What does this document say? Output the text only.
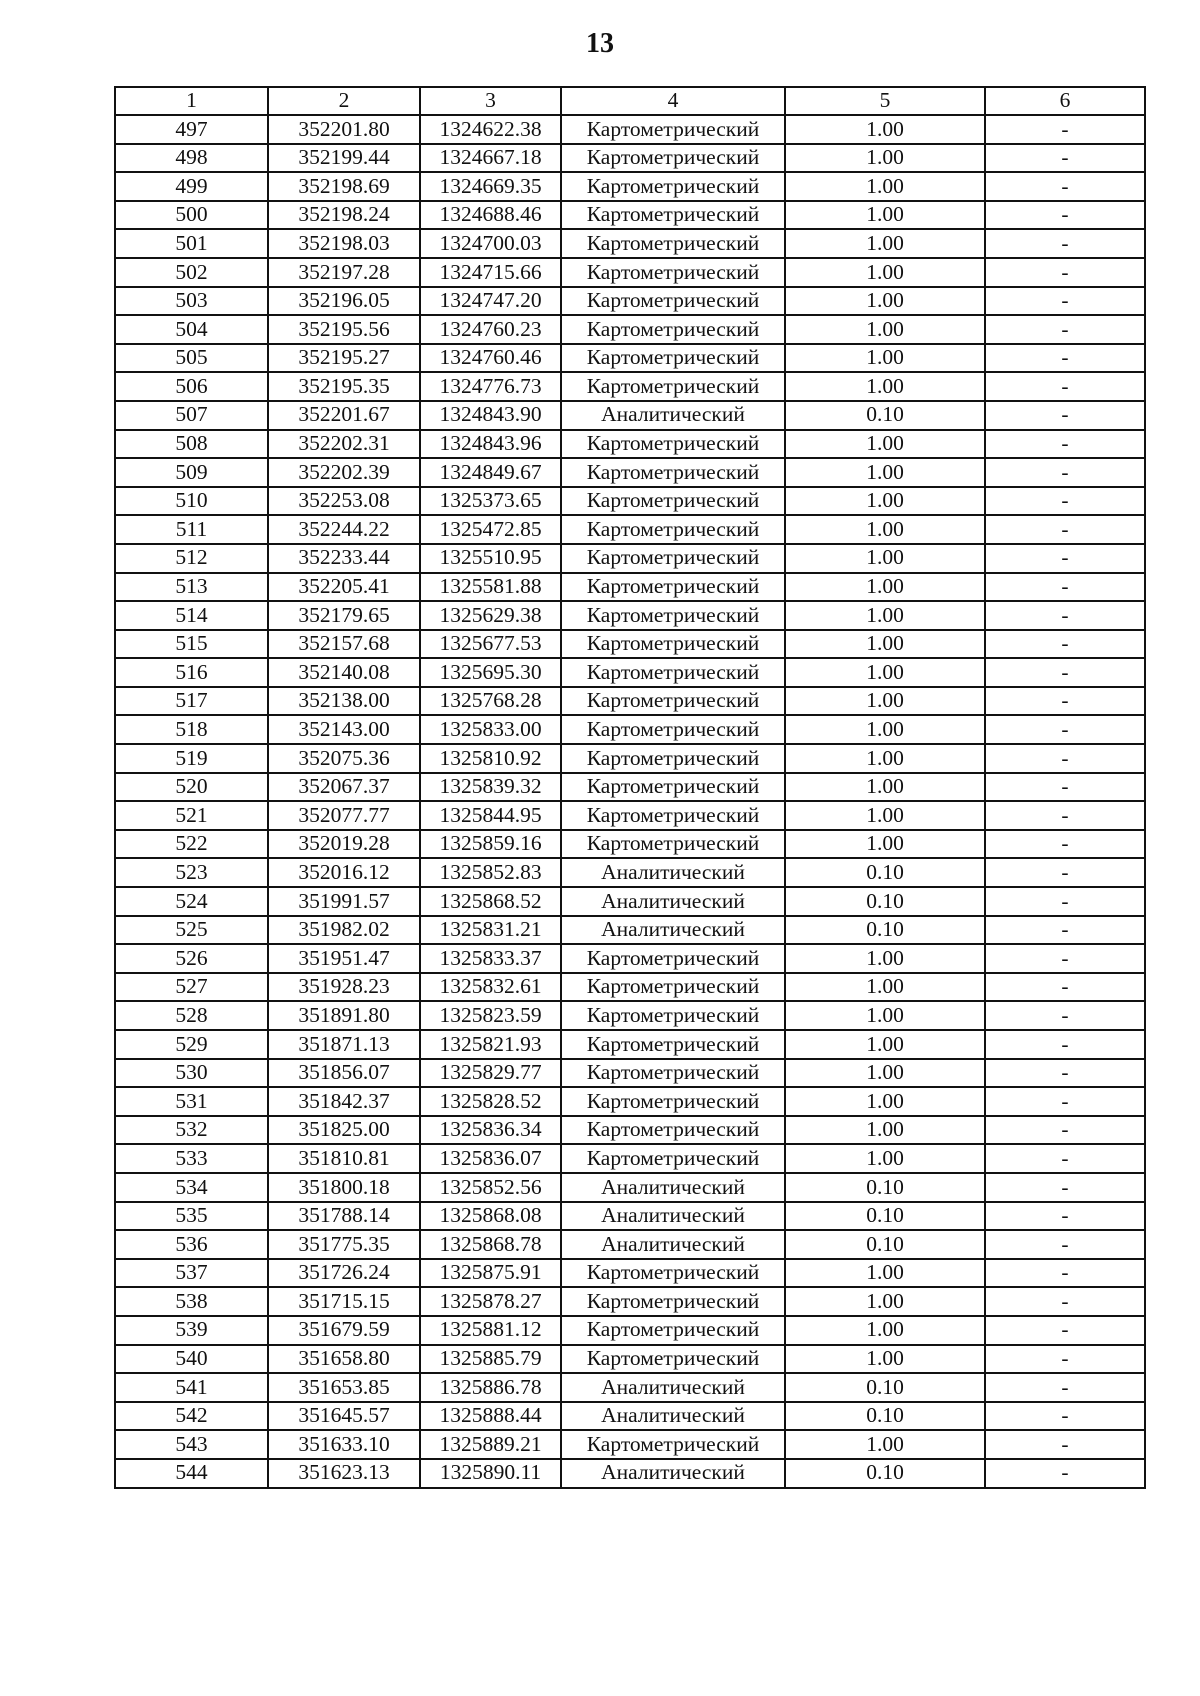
13
1	2	3	4	5	6
497	352201.80	1324622.38	Картометрический	1.00	-
498	352199.44	1324667.18	Картометрический	1.00	-
499	352198.69	1324669.35	Картометрический	1.00	-
500	352198.24	1324688.46	Картометрический	1.00	-
501	352198.03	1324700.03	Картометрический	1.00	-
502	352197.28	1324715.66	Картометрический	1.00	-
503	352196.05	1324747.20	Картометрический	1.00	-
504	352195.56	1324760.23	Картометрический	1.00	-
505	352195.27	1324760.46	Картометрический	1.00	-
506	352195.35	1324776.73	Картометрический	1.00	-
507	352201.67	1324843.90	Аналитический	0.10	-
508	352202.31	1324843.96	Картометрический	1.00	-
509	352202.39	1324849.67	Картометрический	1.00	-
510	352253.08	1325373.65	Картометрический	1.00	-
511	352244.22	1325472.85	Картометрический	1.00	-
512	352233.44	1325510.95	Картометрический	1.00	-
513	352205.41	1325581.88	Картометрический	1.00	-
514	352179.65	1325629.38	Картометрический	1.00	-
515	352157.68	1325677.53	Картометрический	1.00	-
516	352140.08	1325695.30	Картометрический	1.00	-
517	352138.00	1325768.28	Картометрический	1.00	-
518	352143.00	1325833.00	Картометрический	1.00	-
519	352075.36	1325810.92	Картометрический	1.00	-
520	352067.37	1325839.32	Картометрический	1.00	-
521	352077.77	1325844.95	Картометрический	1.00	-
522	352019.28	1325859.16	Картометрический	1.00	-
523	352016.12	1325852.83	Аналитический	0.10	-
524	351991.57	1325868.52	Аналитический	0.10	-
525	351982.02	1325831.21	Аналитический	0.10	-
526	351951.47	1325833.37	Картометрический	1.00	-
527	351928.23	1325832.61	Картометрический	1.00	-
528	351891.80	1325823.59	Картометрический	1.00	-
529	351871.13	1325821.93	Картометрический	1.00	-
530	351856.07	1325829.77	Картометрический	1.00	-
531	351842.37	1325828.52	Картометрический	1.00	-
532	351825.00	1325836.34	Картометрический	1.00	-
533	351810.81	1325836.07	Картометрический	1.00	-
534	351800.18	1325852.56	Аналитический	0.10	-
535	351788.14	1325868.08	Аналитический	0.10	-
536	351775.35	1325868.78	Аналитический	0.10	-
537	351726.24	1325875.91	Картометрический	1.00	-
538	351715.15	1325878.27	Картометрический	1.00	-
539	351679.59	1325881.12	Картометрический	1.00	-
540	351658.80	1325885.79	Картометрический	1.00	-
541	351653.85	1325886.78	Аналитический	0.10	-
542	351645.57	1325888.44	Аналитический	0.10	-
543	351633.10	1325889.21	Картометрический	1.00	-
544	351623.13	1325890.11	Аналитический	0.10	-
